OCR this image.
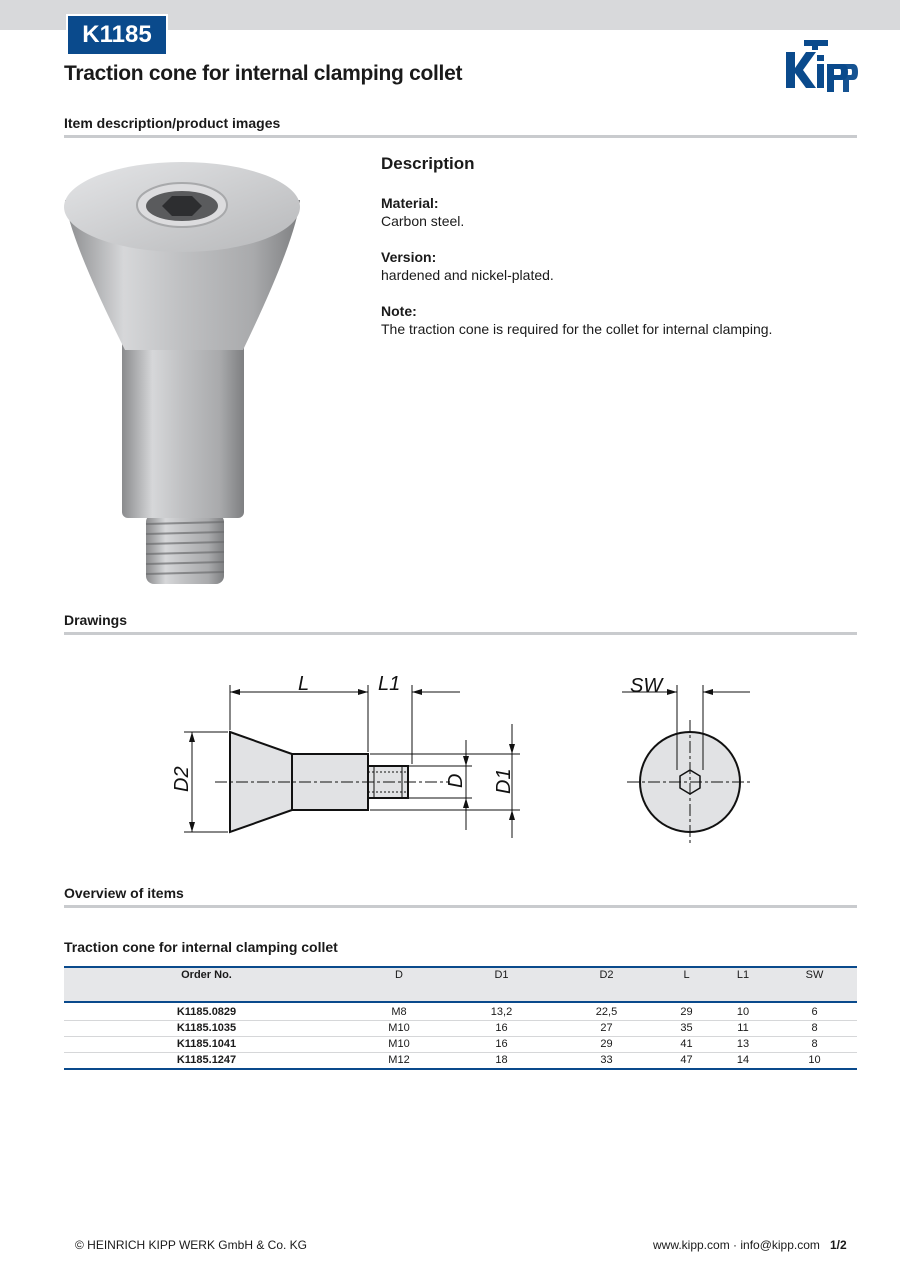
K1185
Traction cone for internal clamping collet
Kipp
Item description/product images
Description

Material:

Carbon steel.

Version:

hardened and nickel-plated.

Note:

The traction cone is required for the collet for internal clamping.

Drawings
L	L1
D2	D D1
SW
Overview of items
Traction cone for internal clamping collet
Order No.	D	D1	D2	L	L1	SW
K1185.0829	M8	13,2	22,5	29	10	6
K1185.1035	M10	16	27	35	11	8
K1185.1041	M10	16	29	41	13	8
K1185.1247	M12	18	33	47	14	10
© HEINRICH KIPP WERK GmbH & Co. KG	www.kipp.com · info@kipp.com 1/2
